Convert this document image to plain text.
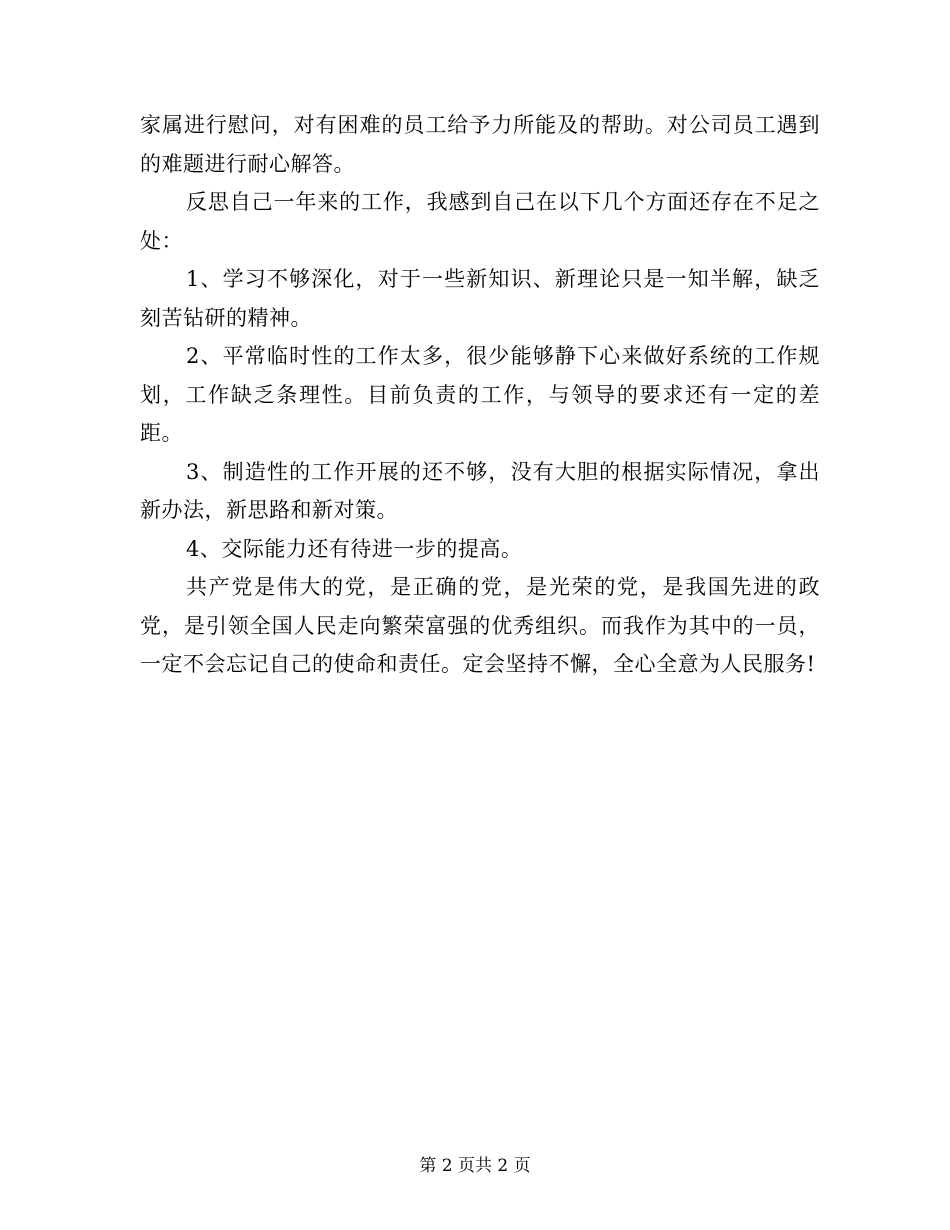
家属进行慰问，对有困难的员工给予力所能及的帮助。对公司员工遇到的难题进行耐心解答。

反思自己一年来的工作，我感到自己在以下几个方面还存在不足之处：

1、学习不够深化，对于一些新知识、新理论只是一知半解，缺乏刻苦钻研的精神。

2、平常临时性的工作太多，很少能够静下心来做好系统的工作规划，工作缺乏条理性。目前负责的工作，与领导的要求还有一定的差距。

3、制造性的工作开展的还不够，没有大胆的根据实际情况，拿出新办法，新思路和新对策。

4、交际能力还有待进一步的提高。

共产党是伟大的党，是正确的党，是光荣的党，是我国先进的政党，是引领全国人民走向繁荣富强的优秀组织。而我作为其中的一员，一定不会忘记自己的使命和责任。定会坚持不懈，全心全意为人民服务!

第 2 页共 2 页
